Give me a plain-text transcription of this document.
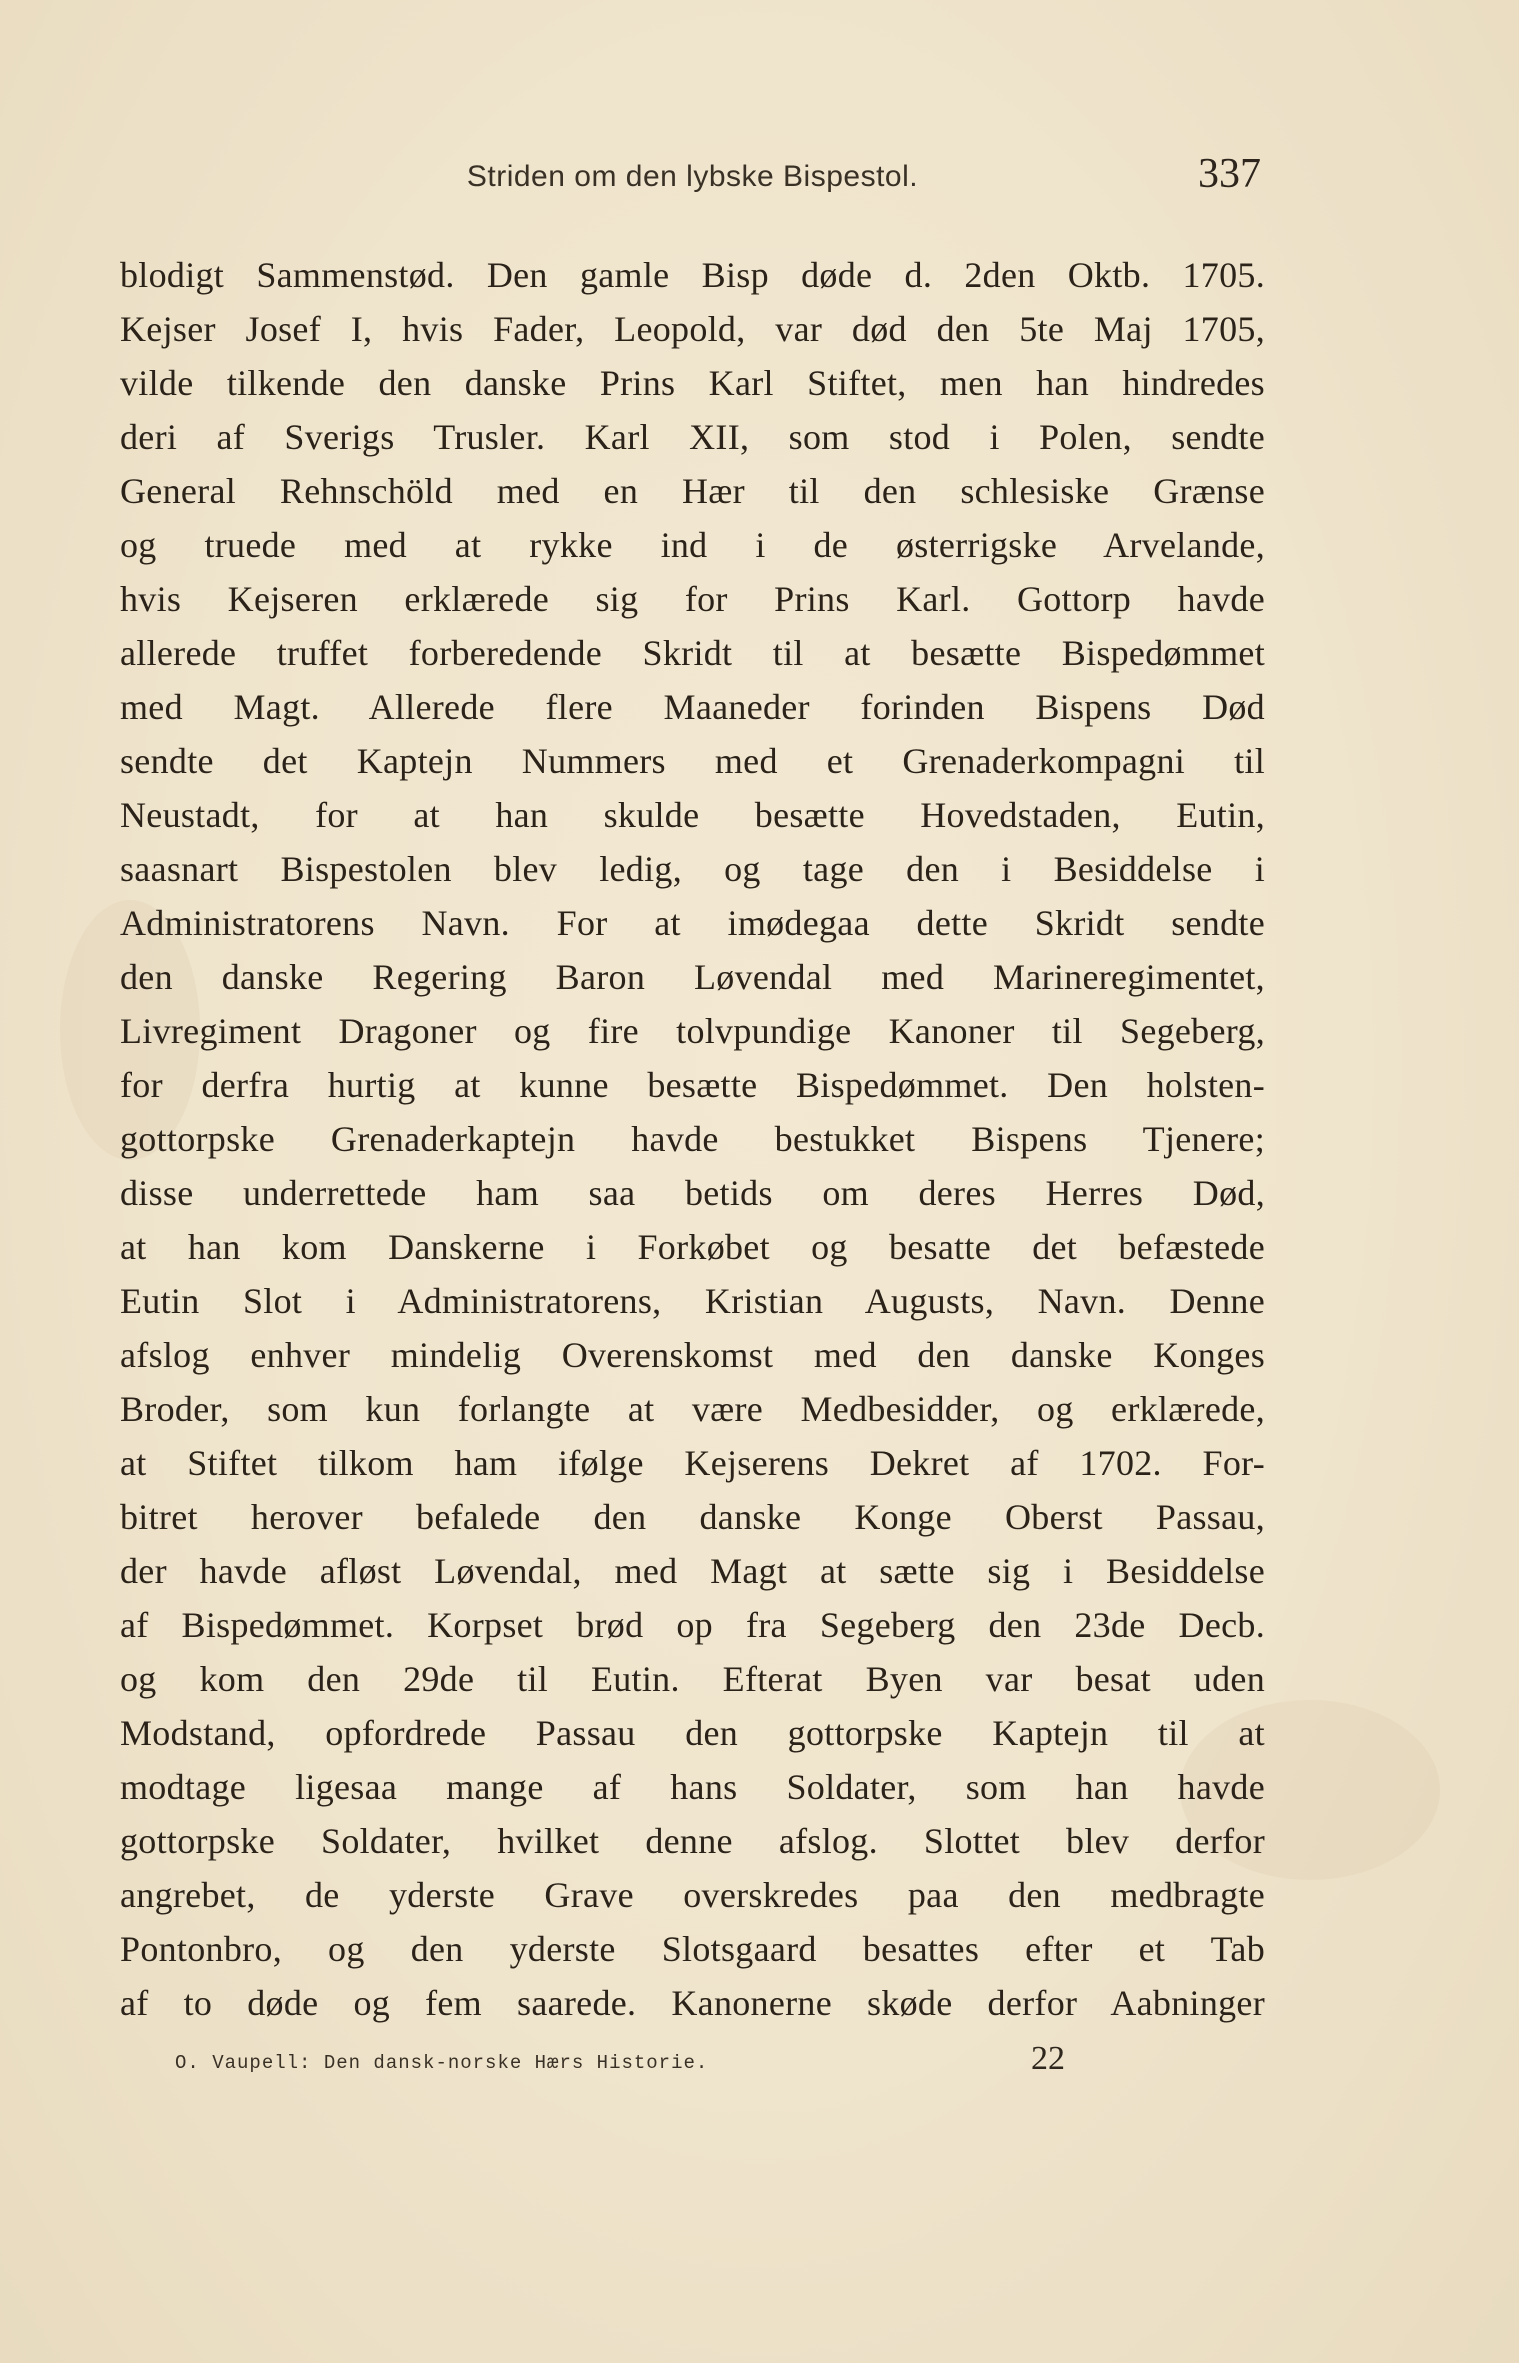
Striden om den lybske Bispestol.	337
blodigt Sammenstød. Den gamle Bisp døde d. 2den Oktb. 1705.
Kejser Josef I, hvis Fader, Leopold, var død den 5te Maj 1705,
vilde tilkende den danske Prins Karl Stiftet, men han hindredes
deri af Sverigs Trusler. Karl XII, som stod i Polen, sendte
General Rehnschöld med en Hær til den schlesiske Grænse
og truede med at rykke ind i de østerrigske Arvelande,
hvis Kejseren erklærede sig for Prins Karl. Gottorp havde
allerede truffet forberedende Skridt til at besætte Bispedømmet
med Magt. Allerede flere Maaneder forinden Bispens Død
sendte det Kaptejn Nummers med et Grenaderkompagni til
Neustadt, for at han skulde besætte Hovedstaden, Eutin,
saasnart Bispestolen blev ledig, og tage den i Besiddelse i
Administratorens Navn. For at imødegaa dette Skridt sendte
den danske Regering Baron Løvendal med Marineregimentet,
Livregiment Dragoner og fire tolvpundige Kanoner til Segeberg,
for derfra hurtig at kunne besætte Bispedømmet. Den holsten-
gottorpske Grenaderkaptejn havde bestukket Bispens Tjenere;
disse underrettede ham saa betids om deres Herres Død,
at han kom Danskerne i Forkøbet og besatte det befæstede
Eutin Slot i Administratorens, Kristian Augusts, Navn. Denne
afslog enhver mindelig Overenskomst med den danske Konges
Broder, som kun forlangte at være Medbesidder, og erklærede,
at Stiftet tilkom ham ifølge Kejserens Dekret af 1702. For-
bitret herover befalede den danske Konge Oberst Passau,
der havde afløst Løvendal, med Magt at sætte sig i Besiddelse
af Bispedømmet. Korpset brød op fra Segeberg den 23de Decb.
og kom den 29de til Eutin. Efterat Byen var besat uden
Modstand, opfordrede Passau den gottorpske Kaptejn til at
modtage ligesaa mange af hans Soldater, som han havde
gottorpske Soldater, hvilket denne afslog. Slottet blev derfor
angrebet, de yderste Grave overskredes paa den medbragte
Pontonbro, og den yderste Slotsgaard besattes efter et Tab
af to døde og fem saarede. Kanonerne skøde derfor Aabninger
O. Vaupell: Den dansk-norske Hærs Historie.	22
